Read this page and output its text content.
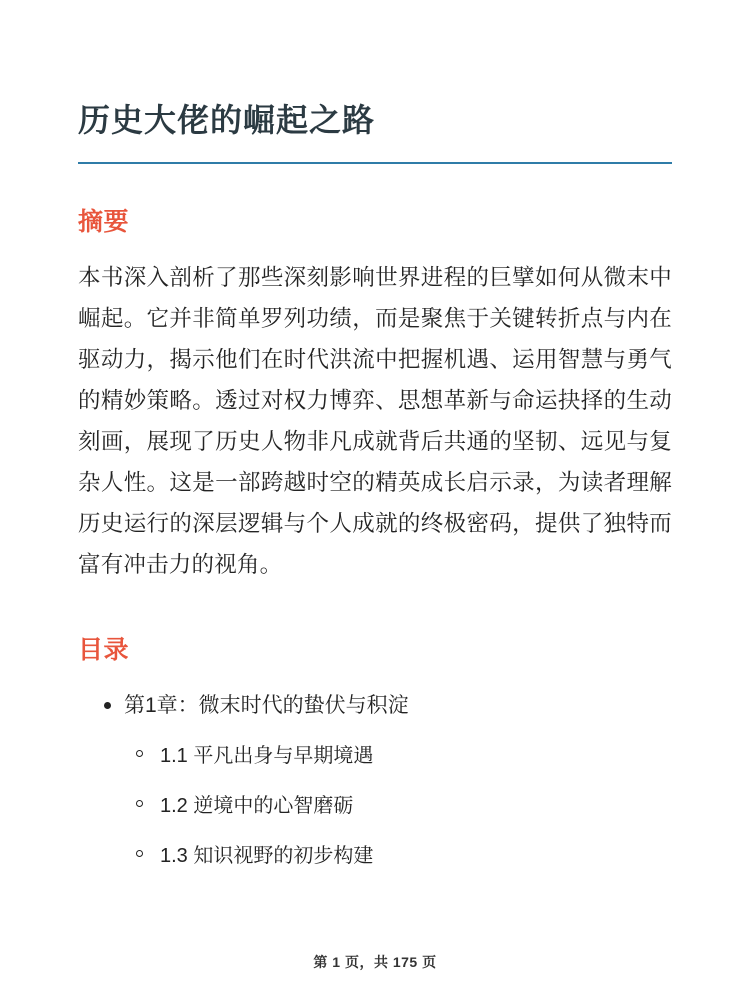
历史大佬的崛起之路
摘要

本书深入剖析了那些深刻影响世界进程的巨擘如何从微末中崛起。它并非简单罗列功绩，而是聚焦于关键转折点与内在驱动力，揭示他们在时代洪流中把握机遇、运用智慧与勇气的精妙策略。透过对权力博弈、思想革新与命运抉择的生动刻画，展现了历史人物非凡成就背后共通的坚韧、远见与复杂人性。这是一部跨越时空的精英成长启示录，为读者理解历史运行的深层逻辑与个人成就的终极密码，提供了独特而富有冲击力的视角。

目录
第1章：微末时代的蛰伏与积淀
1.1 平凡出身与早期境遇
1.2 逆境中的心智磨砺
1.3 知识视野的初步构建
第 1 页，共 175 页
